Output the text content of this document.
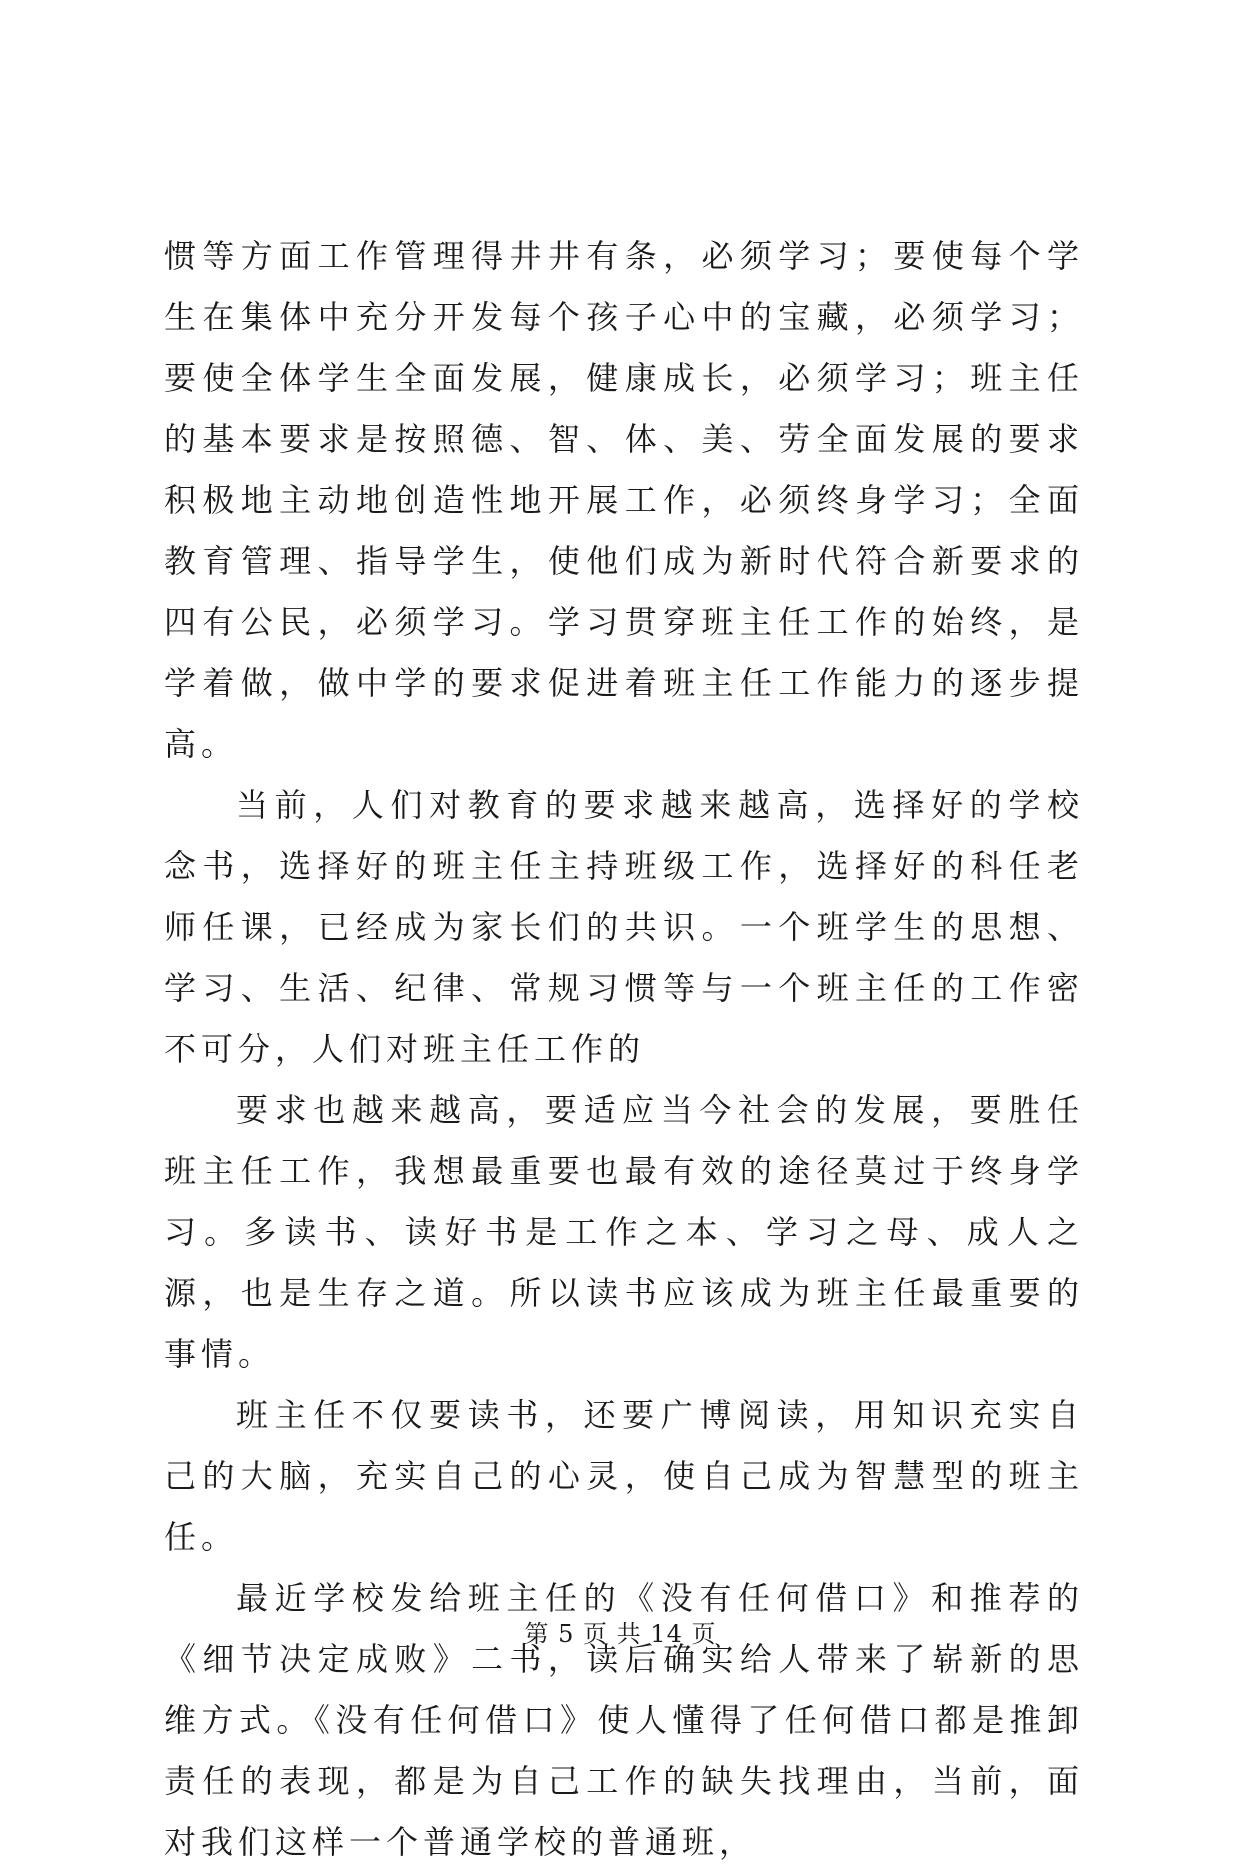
惯等方面工作管理得井井有条，必须学习；要使每个学生在集体中充分开发每个孩子心中的宝藏，必须学习；要使全体学生全面发展，健康成长，必须学习；班主任的基本要求是按照德、智、体、美、劳全面发展的要求积极地主动地创造性地开展工作，必须终身学习；全面教育管理、指导学生，使他们成为新时代符合新要求的四有公民，必须学习。学习贯穿班主任工作的始终，是学着做，做中学的要求促进着班主任工作能力的逐步提高。

当前，人们对教育的要求越来越高，选择好的学校念书，选择好的班主任主持班级工作，选择好的科任老师任课，已经成为家长们的共识。一个班学生的思想、学习、生活、纪律、常规习惯等与一个班主任的工作密不可分，人们对班主任工作的

要求也越来越高，要适应当今社会的发展，要胜任班主任工作，我想最重要也最有效的途径莫过于终身学习。多读书、读好书是工作之本、学习之母、成人之源，也是生存之道。所以读书应该成为班主任最重要的事情。

班主任不仅要读书，还要广博阅读，用知识充实自己的大脑，充实自己的心灵，使自己成为智慧型的班主任。

最近学校发给班主任的《没有任何借口》和推荐的《细节决定成败》二书，读后确实给人带来了崭新的思维方式。《没有任何借口》使人懂得了任何借口都是推卸责任的表现，都是为自己工作的缺失找理由，当前，面对我们这样一个普通学校的普通班，

第 5 页 共 14 页
